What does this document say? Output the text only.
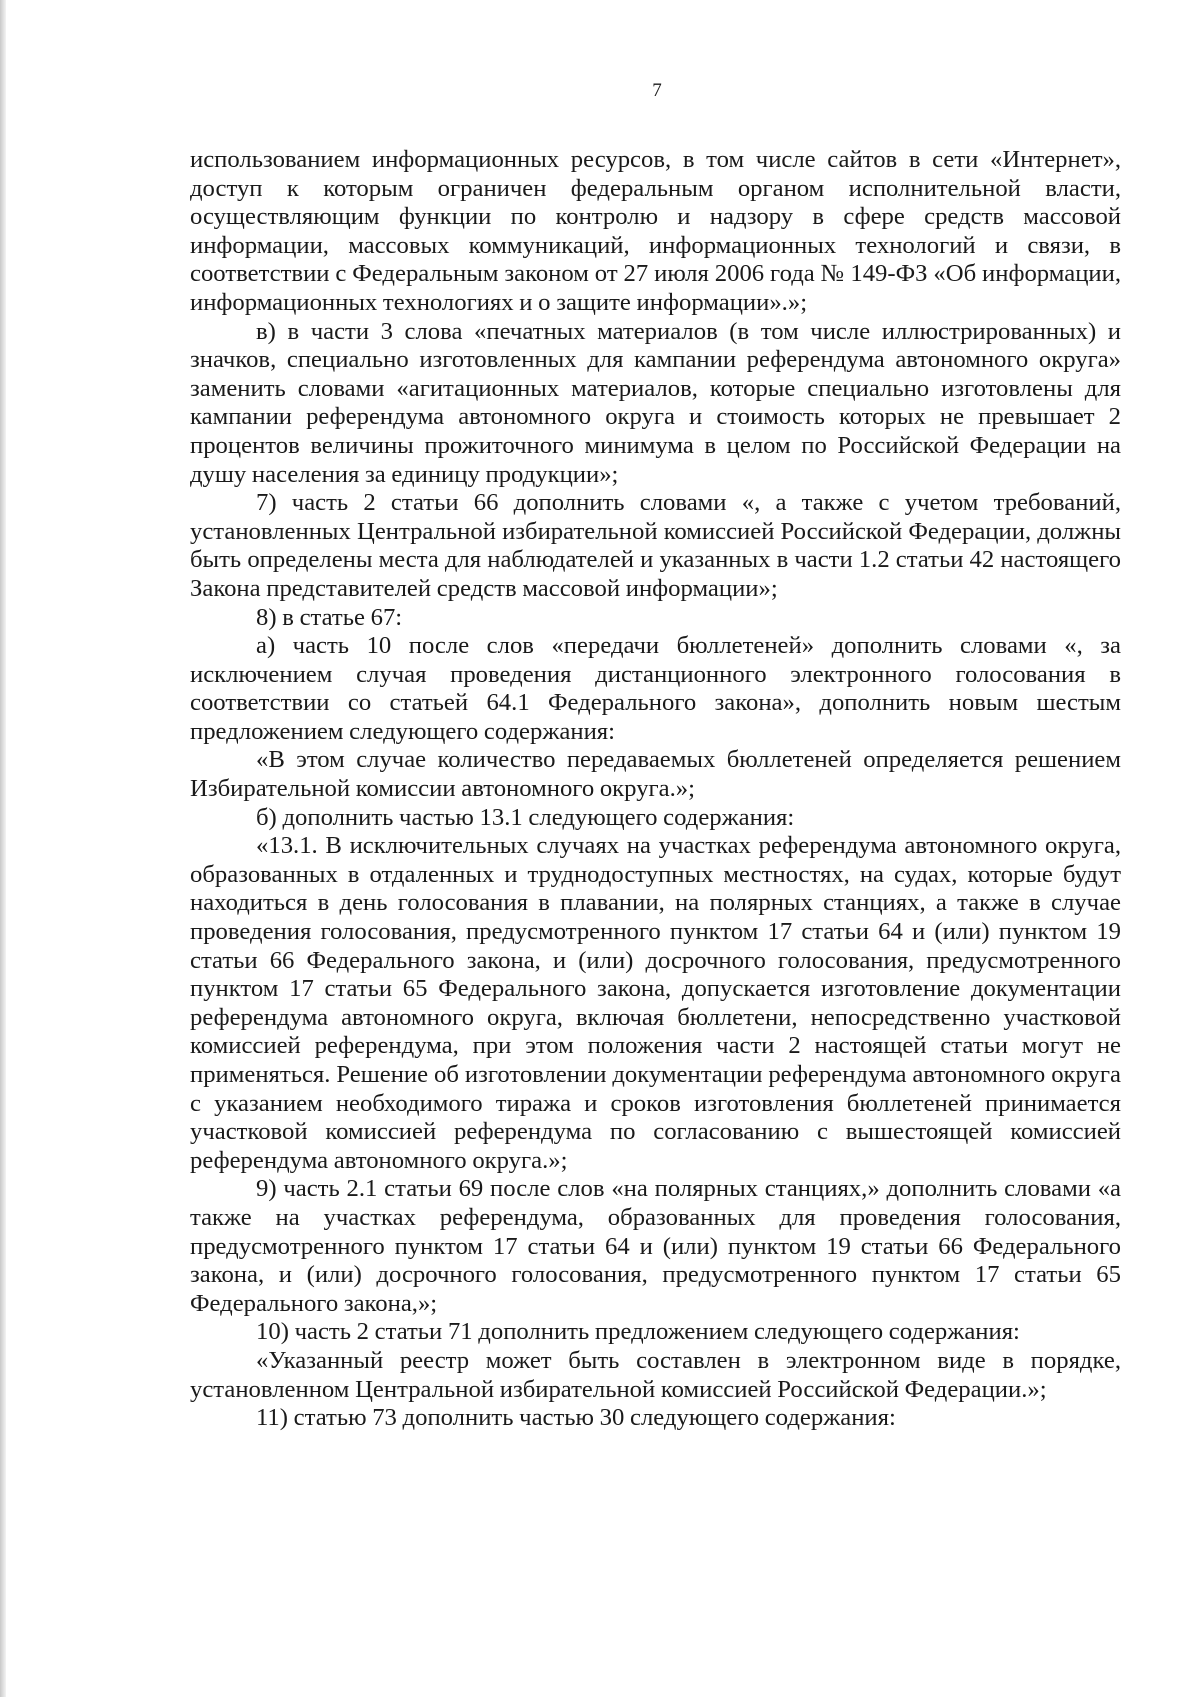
7

использованием информационных ресурсов, в том числе сайтов в сети «Интернет», доступ к которым ограничен федеральным органом исполнительной власти, осуществляющим функции по контролю и надзору в сфере средств массовой информации, массовых коммуникаций, информационных технологий и связи, в соответствии с Федеральным законом от 27 июля 2006 года № 149-ФЗ «Об информации, информационных технологиях и о защите информации».»;

в) в части 3 слова «печатных материалов (в том числе иллюстрированных) и значков, специально изготовленных для кампании референдума автономного округа» заменить словами «агитационных материалов, которые специально изготовлены для кампании референдума автономного округа и стоимость которых не превышает 2 процентов величины прожиточного минимума в целом по Российской Федерации на душу населения за единицу продукции»;

7) часть 2 статьи 66 дополнить словами «, а также с учетом требований, установленных Центральной избирательной комиссией Российской Федерации, должны быть определены места для наблюдателей и указанных в части 1.2 статьи 42 настоящего Закона представителей средств массовой информации»;

8) в статье 67:

а) часть 10 после слов «передачи бюллетеней» дополнить словами «, за исключением случая проведения дистанционного электронного голосования в соответствии со статьей 64.1 Федерального закона», дополнить новым шестым предложением следующего содержания:

«В этом случае количество передаваемых бюллетеней определяется решением Избирательной комиссии автономного округа.»;

б) дополнить частью 13.1 следующего содержания:

«13.1. В исключительных случаях на участках референдума автономного округа, образованных в отдаленных и труднодоступных местностях, на судах, которые будут находиться в день голосования в плавании, на полярных станциях, а также в случае проведения голосования, предусмотренного пунктом 17 статьи 64 и (или) пунктом 19 статьи 66 Федерального закона, и (или) досрочного голосования, предусмотренного пунктом 17 статьи 65 Федерального закона, допускается изготовление документации референдума автономного округа, включая бюллетени, непосредственно участковой комиссией референдума, при этом положения части 2 настоящей статьи могут не применяться. Решение об изготовлении документации референдума автономного округа с указанием необходимого тиража и сроков изготовления бюллетеней принимается участковой комиссией референдума по согласованию с вышестоящей комиссией референдума автономного округа.»;

9) часть 2.1 статьи 69 после слов «на полярных станциях,» дополнить словами «а также на участках референдума, образованных для проведения голосования, предусмотренного пунктом 17 статьи 64 и (или) пунктом 19 статьи 66 Федерального закона, и (или) досрочного голосования, предусмотренного пунктом 17 статьи 65 Федерального закона,»;

10) часть 2 статьи 71 дополнить предложением следующего содержания:

«Указанный реестр может быть составлен в электронном виде в порядке, установленном Центральной избирательной комиссией Российской Федерации.»;

11) статью 73 дополнить частью 30 следующего содержания:
